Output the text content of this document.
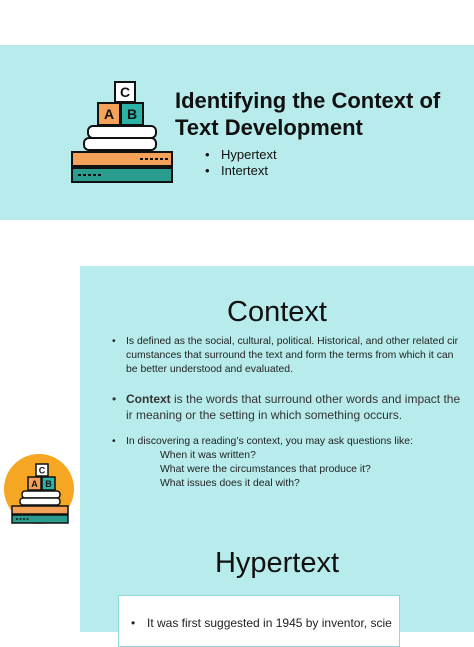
C
A B
Identifying the Context of Text Development
• Hypertext
• Intertext
Context
• Is defined as the social, cultural, political. Historical, and other related circumstances that surround the text and form the terms from which it can be better understood and evaluated.
• Context is the words that surround other words and impact their meaning or the setting in which something occurs.
• In discovering a reading’s context, you may ask questions like:
When it was written?
What were the circumstances that produce it?
What issues does it deal with?
C
A B
Hypertext
• It was first suggested in 1945 by inventor, scie
